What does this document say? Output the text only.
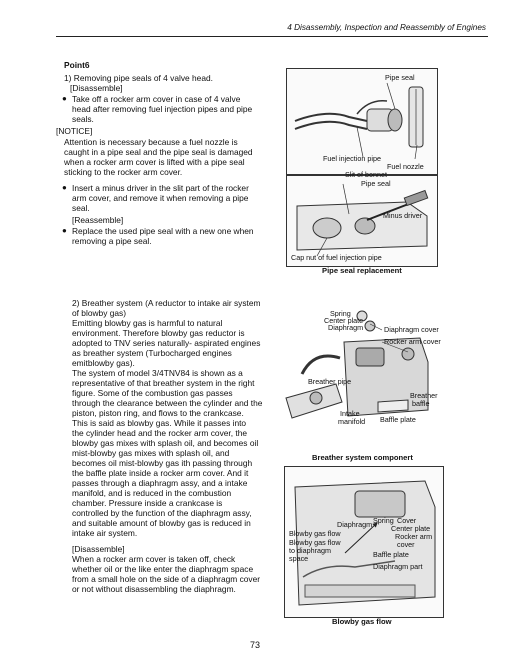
4 Disassembly, Inspection and Reassembly of Engines
Point6
1) Removing pipe seals of 4 valve head.
[Disassemble]
● Take off a rocker arm cover in case of 4 valve
head after removing fuel injection pipes and pipe
seals.
[NOTICE]
Attention is necessary because a fuel nozzle is
caught in a pipe seal and the pipe seal is damaged
when a rocker arm cover is lifted with a pipe seal
sticking to the rocker arm cover.
● Insert a minus driver in the slit part of the rocker
arm cover, and remove it when removing a pipe
seal.
[Reassemble]
● Replace the used pipe seal with a new one when
removing a pipe seal.
Pipe seal
Fuel injection pipe
Fuel nozzle
Slit of bonnet
Pipe seal
Minus driver
Cap nut of fuel injection pipe
Pipe seal replacement
2) Breather system (A reductor to intake air system
of blowby gas)
Emitting blowby gas is harmful to natural
environment. Therefore blowby gas reductor is
adopted to TNV series naturally- aspirated engines
as breather system (Turbocharged engines
emitblowby gas).
The system of model 3/4TNV84 is shown as a
representative of that breather system in the right
figure. Some of the combustion gas passes
through the clearance between the cylinder and the
piston, piston ring, and flows to the crankcase.
This is said as blowby gas. While it passes into
the cylinder head and the rocker arm cover, the
blowby gas mixes with splash oil, and becomes oil
mist-blowby gas mixes with splash oil, and
becomes oil mist-blowby gas ith passing through
the baffle plate inside a rocker arm cover. And it
passes through a diaphragm assy, and a intake
manifold, and is reduced in the combustion
chamber. Pressure inside a crankcase is
controlled by the function of the diaphragm assy,
and suitable amount of blowby gas is reduced in
intake air system.
[Disassemble]
When a rocker arm cover is taken off, check
whether oil or the like enter the diaphragm space
from a small hole on the side of a diaphragm cover
or not without disassembling the diaphragm.
Spring
Center plate
Diaphragm	Diaphragm cover
Rocker arm cover
Breather pipe
Breather
baffle
Intake
manifold Baffle plate
Breather system componert
Diaphragm Spring Cover
Center plate
Rocker arm
cover
Blowby gas flow
Blowby gas flow
to diaphragm
space	Baffle plate
Diaphragm part
Blowby gas flow
73
